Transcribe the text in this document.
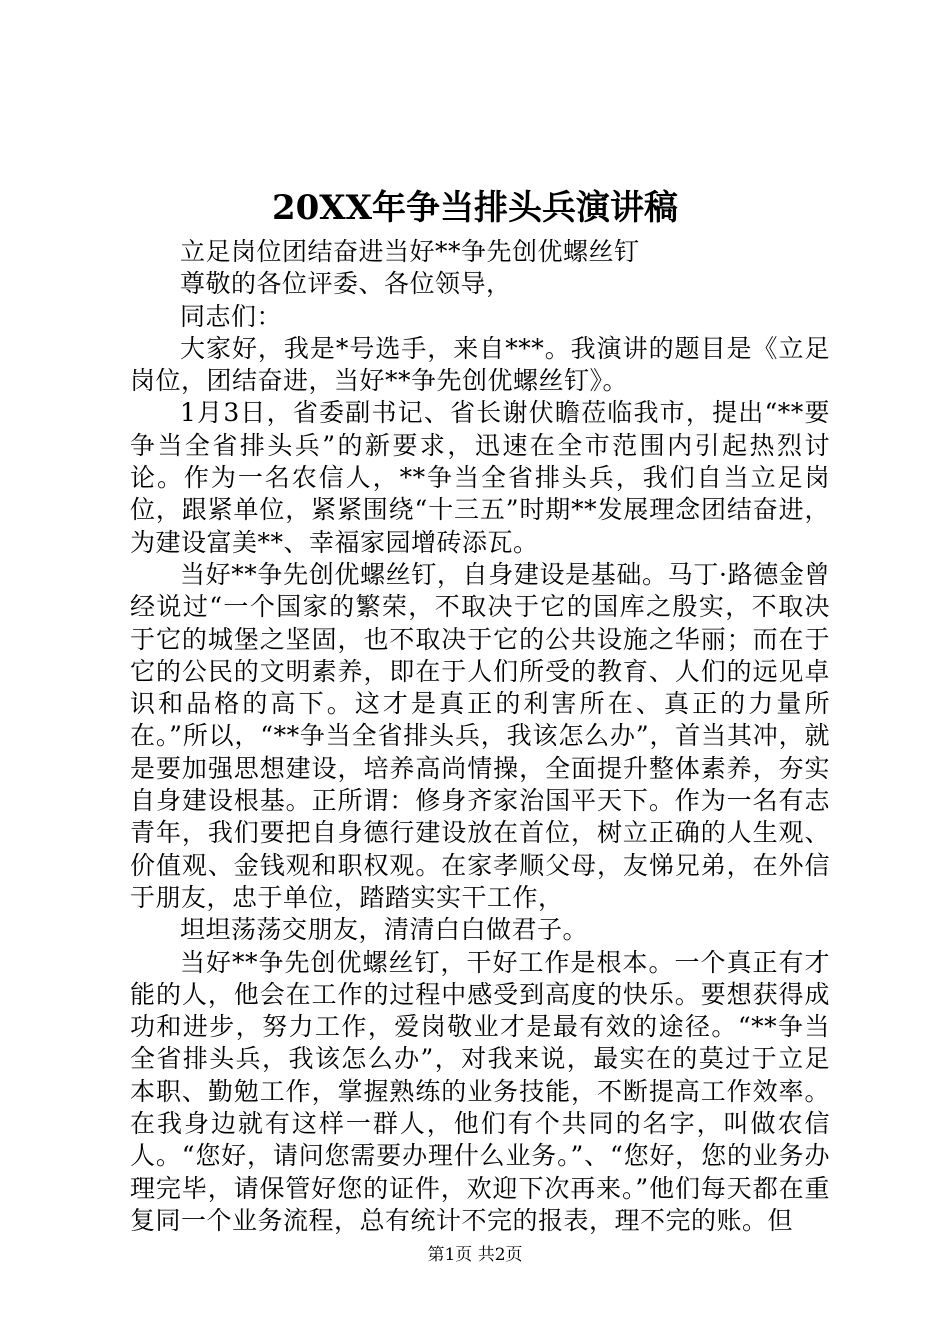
20XX年争当排头兵演讲稿

立足岗位团结奋进当好**争先创优螺丝钉

尊敬的各位评委、各位领导，

同志们：

大家好，我是*号选手，来自***。我演讲的题目是《立足岗位，团结奋进，当好**争先创优螺丝钉》。

1月3日，省委副书记、省长谢伏瞻莅临我市，提出“**要争当全省排头兵”的新要求，迅速在全市范围内引起热烈讨论。作为一名农信人，**争当全省排头兵，我们自当立足岗位，跟紧单位，紧紧围绕“十三五”时期**发展理念团结奋进，为建设富美**、幸福家园增砖添瓦。

当好**争先创优螺丝钉，自身建设是基础。马丁·路德金曾经说过“一个国家的繁荣，不取决于它的国库之殷实，不取决于它的城堡之坚固，也不取决于它的公共设施之华丽；而在于它的公民的文明素养，即在于人们所受的教育、人们的远见卓识和品格的高下。这才是真正的利害所在、真正的力量所在。”所以，“**争当全省排头兵，我该怎么办”，首当其冲，就是要加强思想建设，培养高尚情操，全面提升整体素养，夯实自身建设根基。正所谓：修身齐家治国平天下。作为一名有志青年，我们要把自身德行建设放在首位，树立正确的人生观、价值观、金钱观和职权观。在家孝顺父母，友悌兄弟，在外信于朋友，忠于单位，踏踏实实干工作，

坦坦荡荡交朋友，清清白白做君子。

当好**争先创优螺丝钉，干好工作是根本。一个真正有才能的人，他会在工作的过程中感受到高度的快乐。要想获得成功和进步，努力工作，爱岗敬业才是最有效的途径。“**争当全省排头兵，我该怎么办”，对我来说，最实在的莫过于立足本职、勤勉工作，掌握熟练的业务技能，不断提高工作效率。在我身边就有这样一群人，他们有个共同的名字，叫做农信人。“您好，请问您需要办理什么业务。”、“您好，您的业务办理完毕，请保管好您的证件，欢迎下次再来。”他们每天都在重复同一个业务流程，总有统计不完的报表，理不完的账。但

第1页 共2页
